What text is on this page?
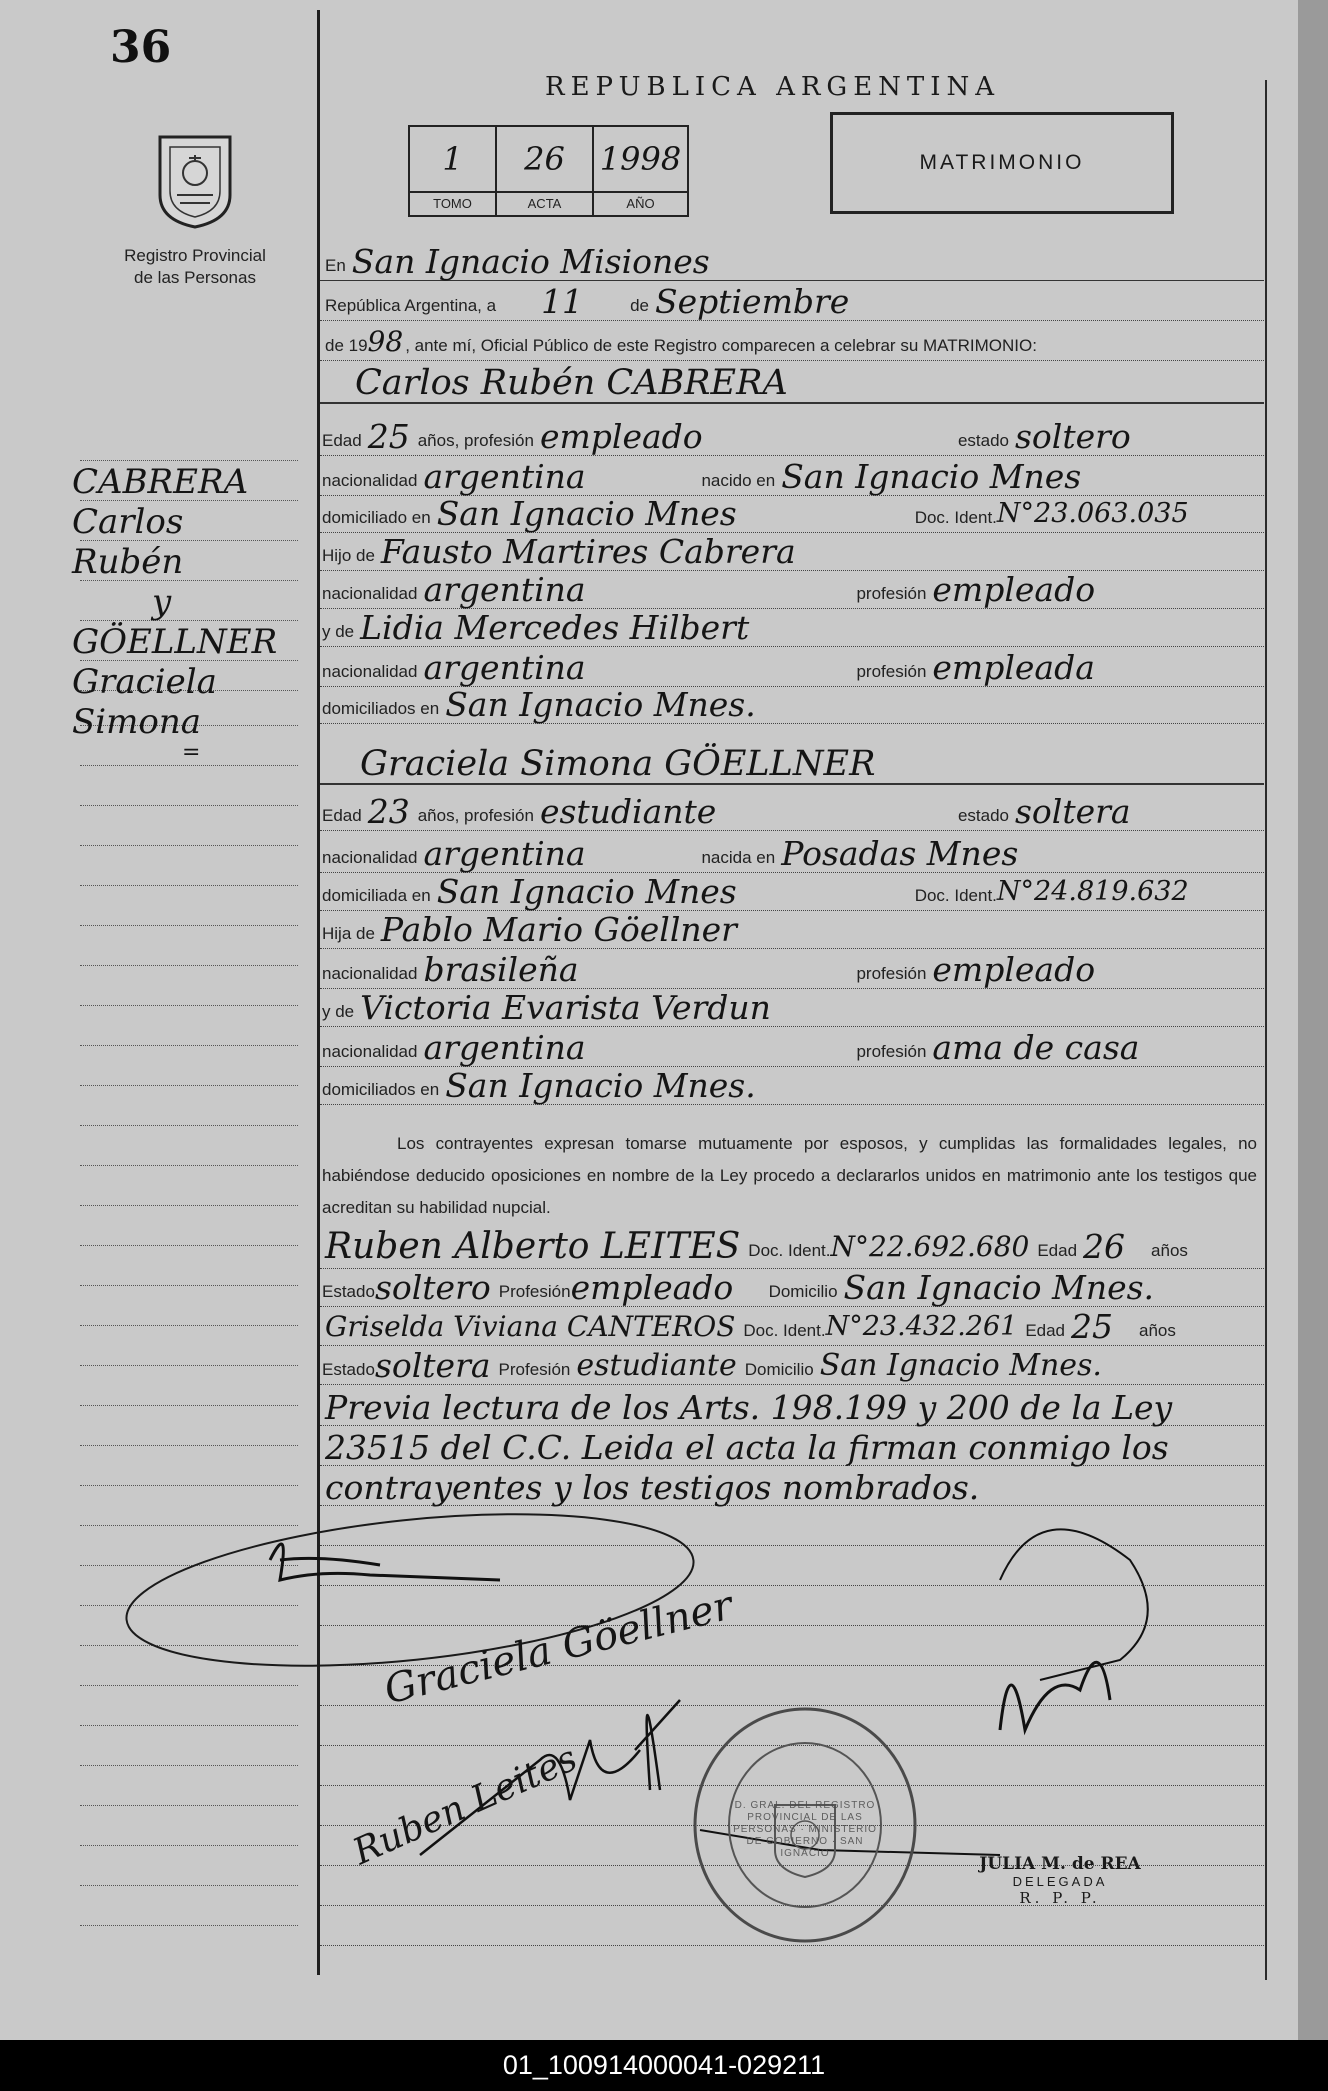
36
Registro Provincial
de las Personas
REPUBLICA ARGENTINA
1	26	1998
TOMO	ACTA	AÑO
MATRIMONIO
CABRERA
Carlos Rubén
y
GÖELLNER
Graciela
Simona
=
En San Ignacio Misiones
República Argentina, a	11	de Septiembre
de 19 98 , ante mí, Oficial Público de este Registro comparecen a celebrar su MATRIMONIO:
Carlos Rubén CABRERA
Edad 25 años, profesión empleado	estado soltero
nacionalidad argentina	nacido en San Ignacio Mnes
domiciliado en San Ignacio Mnes	Doc. Ident. N°23.063.035
Hijo de Fausto Martires Cabrera
nacionalidad argentina	profesión empleado
y de Lidia Mercedes Hilbert
nacionalidad argentina	profesión empleada
domiciliados en San Ignacio Mnes.
Graciela Simona GÖELLNER
Edad 23 años, profesión estudiante	estado soltera
nacionalidad argentina	nacida en Posadas Mnes
domiciliada en San Ignacio Mnes	Doc. Ident. N°24.819.632
Hija de Pablo Mario Göellner
nacionalidad brasileña	profesión empleado
y de Victoria Evarista Verdun
nacionalidad argentina	profesión ama de casa
domiciliados en San Ignacio Mnes.
Los contrayentes expresan tomarse mutuamente por esposos, y cumplidas las formalidades legales, no habiéndose deducido oposiciones en nombre de la Ley procedo a declararlos unidos en matrimonio ante los testigos que acreditan su habilidad nupcial.
Ruben Alberto LEITES Doc. Ident. N°22.692.680 Edad 26	años
Estado soltero Profesión empleado	Domicilio San Ignacio Mnes.
Griselda Viviana CANTEROS Doc. Ident. N°23.432.261 Edad 25	años
Estado soltera Profesión estudiante Domicilio San Ignacio Mnes.
Previa lectura de los Arts. 198.199 y 200 de la Ley
23515 del C.C. Leida el acta la firman conmigo los
contrayentes y los testigos nombrados.
Graciela Göellner
Ruben Leites	D. GRAL. DEL REGISTRO PROVINCIAL DE LAS PERSONAS · MINISTERIO DE GOBIERNO · SAN IGNACIO
JULIA M. de REA
DELEGADA
R. P. P.
01_100914000041-029211
